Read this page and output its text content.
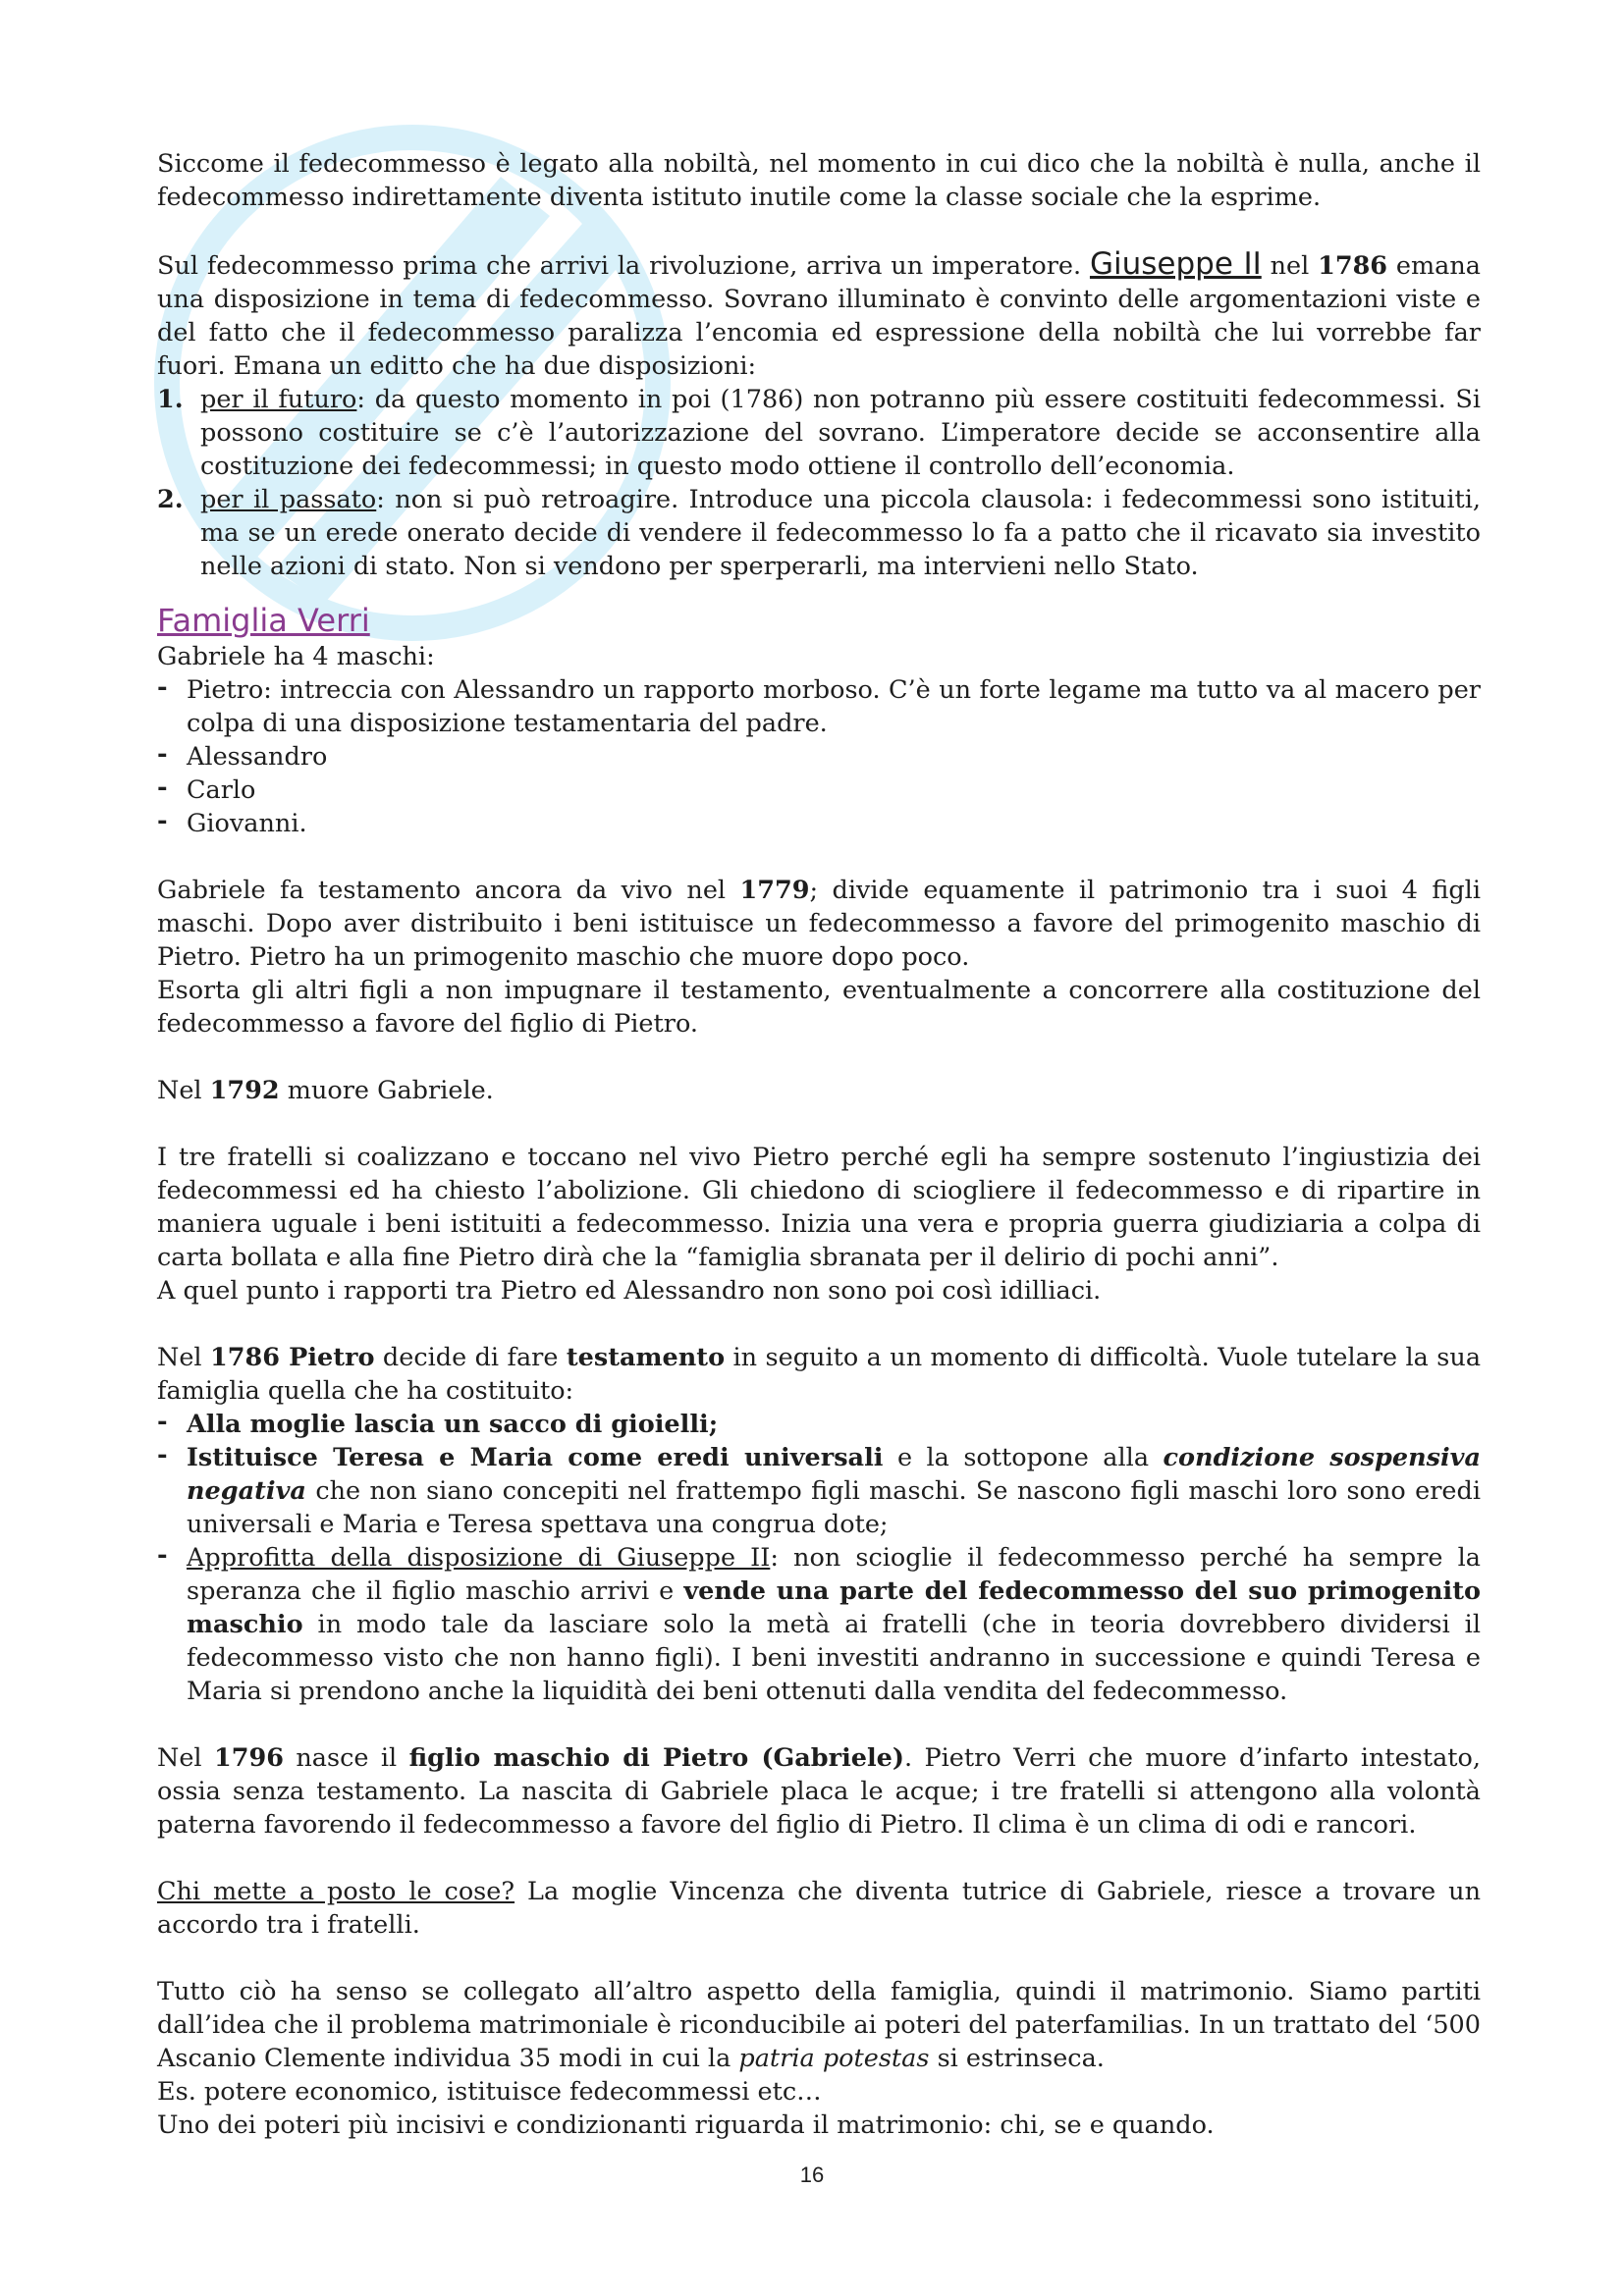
Siccome il fedecommesso è legato alla nobiltà, nel momento in cui dico che la nobiltà è nulla, anche il fedecommesso indirettamente diventa istituto inutile come la classe sociale che la esprime.

Sul fedecommesso prima che arrivi la rivoluzione, arriva un imperatore. Giuseppe II nel 1786 emana una disposizione in tema di fedecommesso. Sovrano illuminato è convinto delle argomentazioni viste e del fatto che il fedecommesso paralizza l’encomia ed espressione della nobiltà che lui vorrebbe far fuori. Emana un editto che ha due disposizioni:

1. per il futuro: da questo momento in poi (1786) non potranno più essere costituiti fedecommessi. Si possono costituire se c’è l’autorizzazione del sovrano. L’imperatore decide se acconsentire alla costituzione dei fedecommessi; in questo modo ottiene il controllo dell’economia.
2. per il passato: non si può retroagire. Introduce una piccola clausola: i fedecommessi sono istituiti, ma se un erede onerato decide di vendere il fedecommesso lo fa a patto che il ricavato sia investito nelle azioni di stato. Non si vendono per sperperarli, ma intervieni nello Stato.
Famiglia Verri

Gabriele ha 4 maschi:

- Pietro: intreccia con Alessandro un rapporto morboso. C’è un forte legame ma tutto va al macero per colpa di una disposizione testamentaria del padre.
- Alessandro
- Carlo
- Giovanni.

Gabriele fa testamento ancora da vivo nel 1779; divide equamente il patrimonio tra i suoi 4 figli maschi. Dopo aver distribuito i beni istituisce un fedecommesso a favore del primogenito maschio di Pietro. Pietro ha un primogenito maschio che muore dopo poco.

Esorta gli altri figli a non impugnare il testamento, eventualmente a concorrere alla costituzione del fedecommesso a favore del figlio di Pietro.

Nel 1792 muore Gabriele.

I tre fratelli si coalizzano e toccano nel vivo Pietro perché egli ha sempre sostenuto l’ingiustizia dei fedecommessi ed ha chiesto l’abolizione. Gli chiedono di sciogliere il fedecommesso e di ripartire in maniera uguale i beni istituiti a fedecommesso. Inizia una vera e propria guerra giudiziaria a colpa di carta bollata e alla fine Pietro dirà che la “famiglia sbranata per il delirio di pochi anni”.

A quel punto i rapporti tra Pietro ed Alessandro non sono poi così idilliaci.

Nel 1786 Pietro decide di fare testamento in seguito a un momento di difficoltà. Vuole tutelare la sua famiglia quella che ha costituito:

- Alla moglie lascia un sacco di gioielli;
- Istituisce Teresa e Maria come eredi universali e la sottopone alla condizione sospensiva negativa che non siano concepiti nel frattempo figli maschi. Se nascono figli maschi loro sono eredi universali e Maria e Teresa spettava una congrua dote;
- Approfitta della disposizione di Giuseppe II: non scioglie il fedecommesso perché ha sempre la speranza che il figlio maschio arrivi e vende una parte del fedecommesso del suo primogenito maschio in modo tale da lasciare solo la metà ai fratelli (che in teoria dovrebbero dividersi il fedecommesso visto che non hanno figli). I beni investiti andranno in successione e quindi Teresa e Maria si prendono anche la liquidità dei beni ottenuti dalla vendita del fedecommesso.

Nel 1796 nasce il figlio maschio di Pietro (Gabriele). Pietro Verri che muore d’infarto intestato, ossia senza testamento. La nascita di Gabriele placa le acque; i tre fratelli si attengono alla volontà paterna favorendo il fedecommesso a favore del figlio di Pietro. Il clima è un clima di odi e rancori.

Chi mette a posto le cose? La moglie Vincenza che diventa tutrice di Gabriele, riesce a trovare un accordo tra i fratelli.

Tutto ciò ha senso se collegato all’altro aspetto della famiglia, quindi il matrimonio. Siamo partiti dall’idea che il problema matrimoniale è riconducibile ai poteri del paterfamilias. In un trattato del ‘500 Ascanio Clemente individua 35 modi in cui la patria potestas si estrinseca.

Es. potere economico, istituisce fedecommessi etc…

Uno dei poteri più incisivi e condizionanti riguarda il matrimonio: chi, se e quando.

16
